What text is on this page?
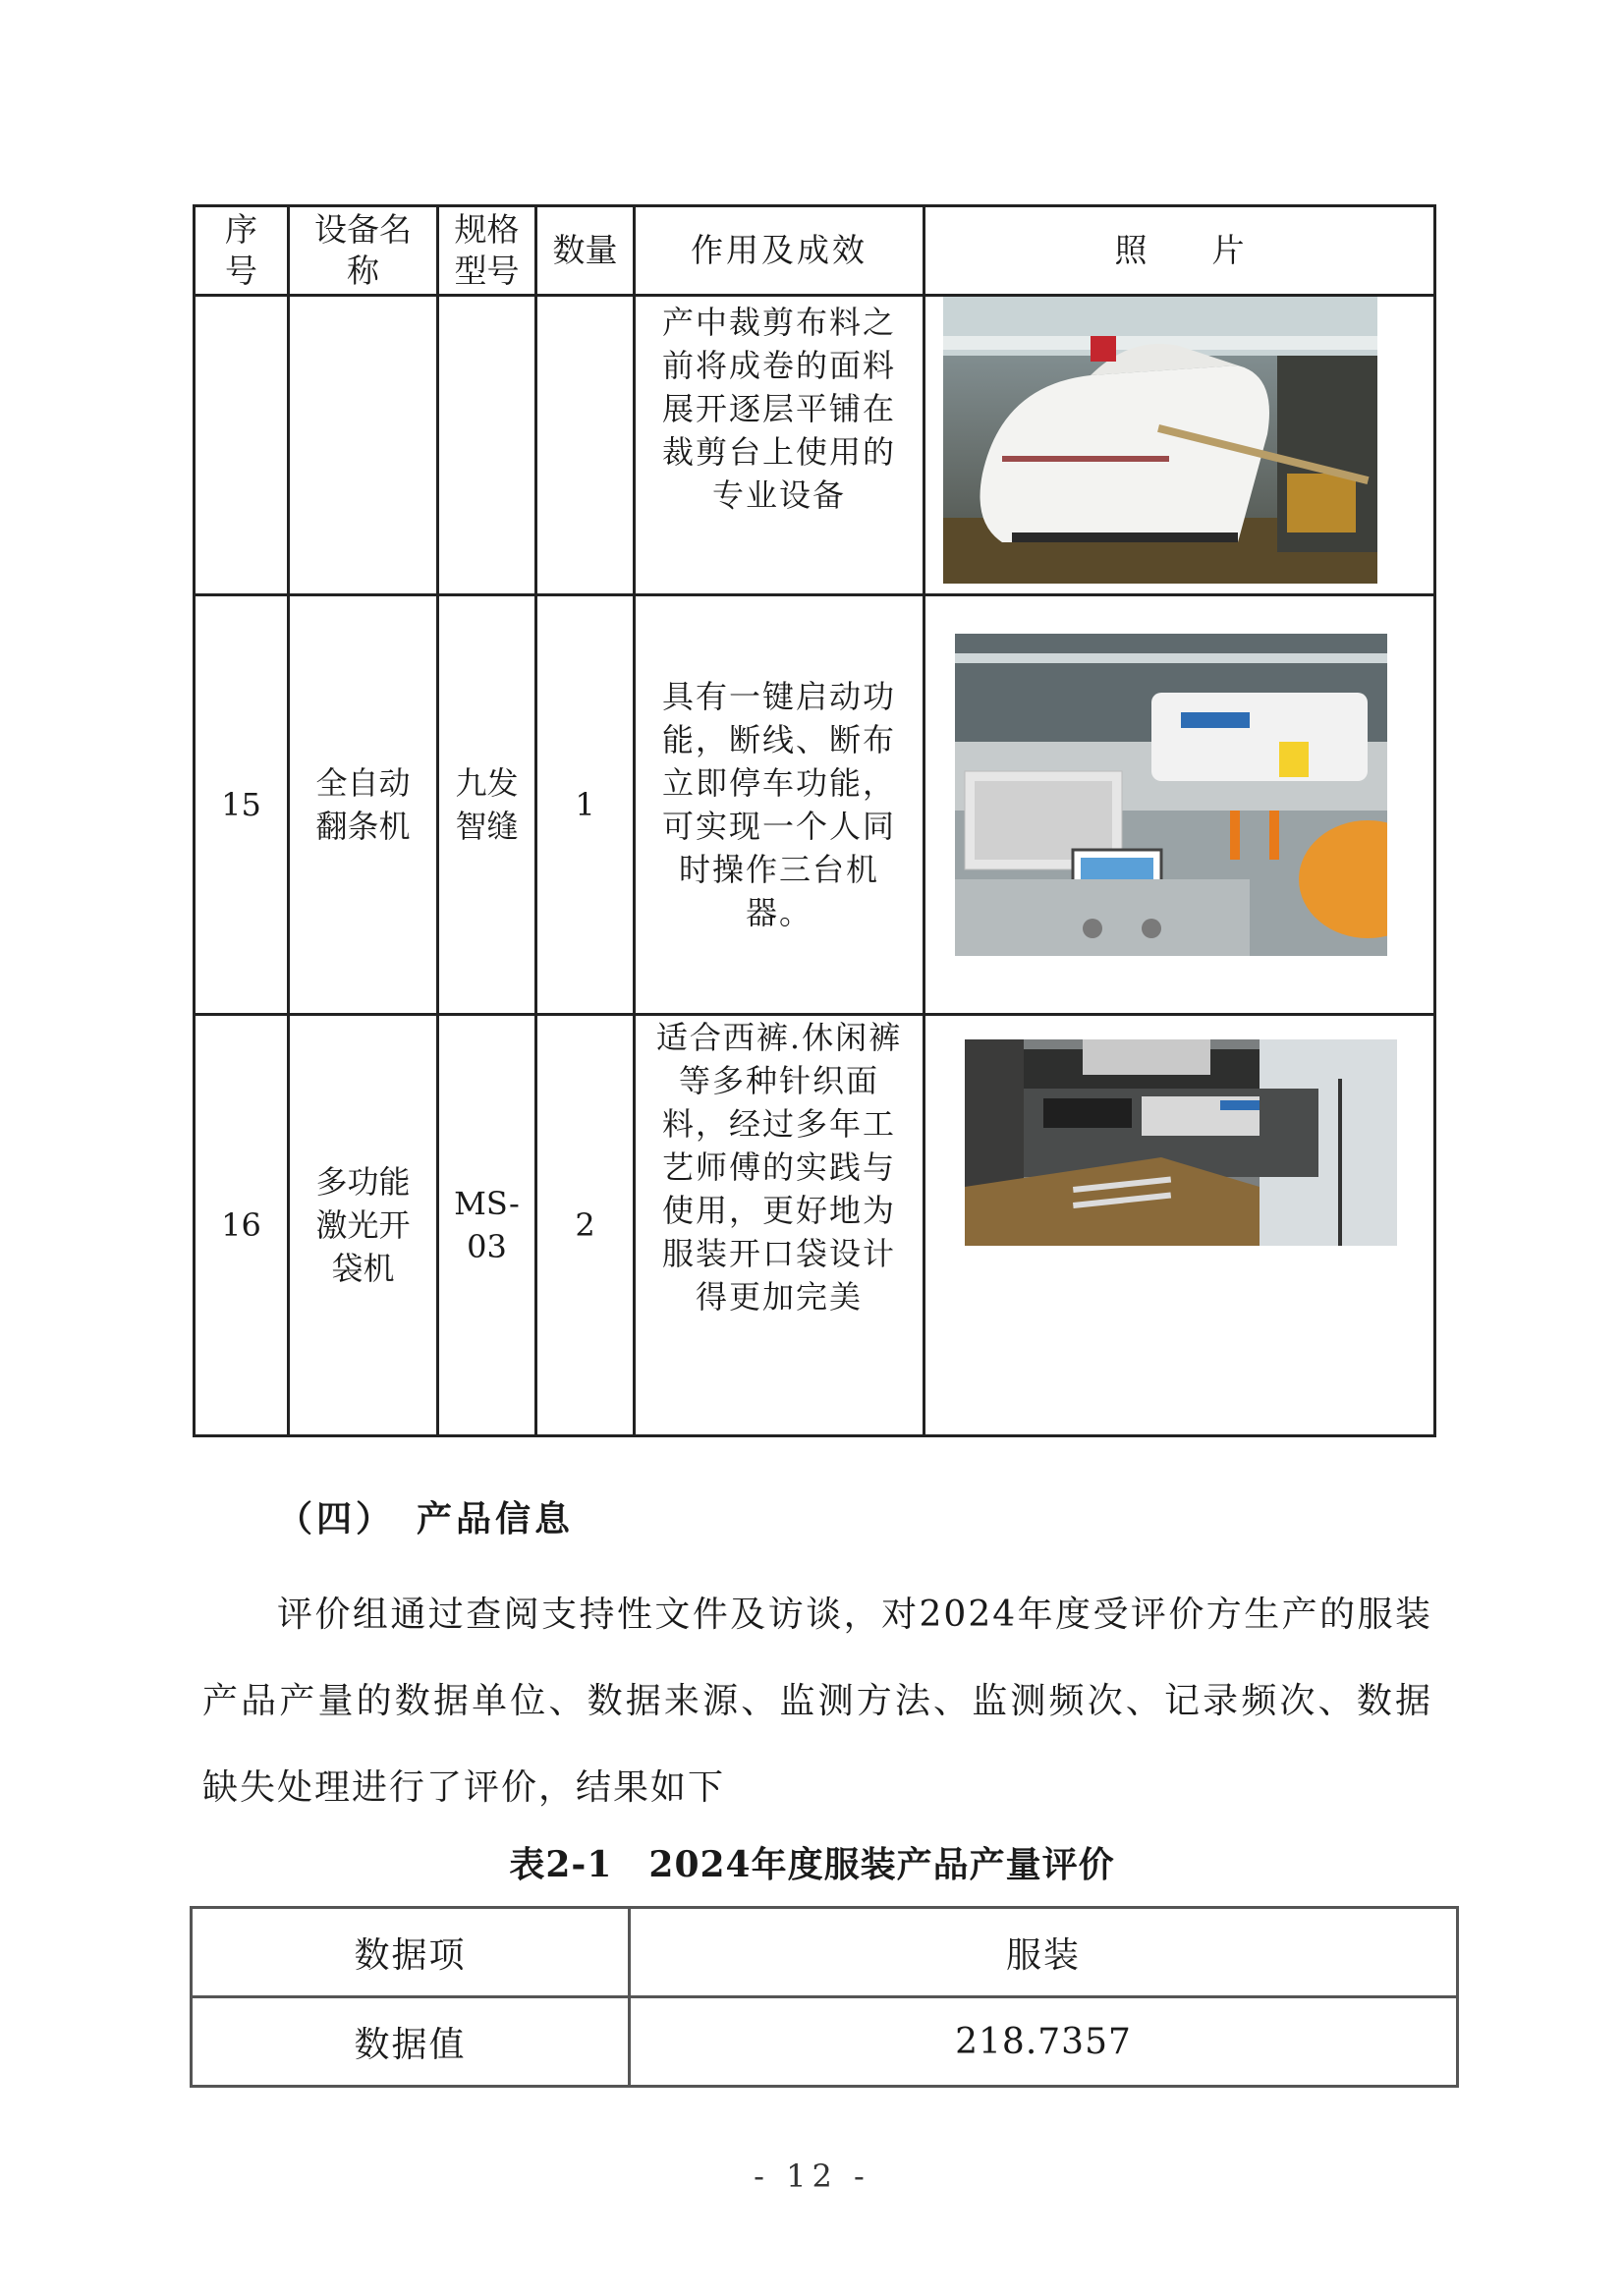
序号	设备名称	规格型号	数量	作用及成效	照　　片

				产中裁剪布料之前将成卷的面料展开逐层平铺在裁剪台上使用的专业设备

15	全自动翻条机	九发智缝	1	具有一键启动功能，断线、断布立即停车功能，可实现一个人同时操作三台机器。

16	多功能激光开袋机	MS-03	2	适合西裤.休闲裤等多种针织面料，经过多年工艺师傅的实践与使用，更好地为服装开口袋设计得更加完美

（四）　产品信息
评价组通过查阅支持性文件及访谈，对2024年度受评价方生产的服装产品产量的数据单位、数据来源、监测方法、监测频次、记录频次、数据缺失处理进行了评价，结果如下
表2-1　2024年度服装产品产量评价
数据项	服装
数据值	218.7357
- 12 -
